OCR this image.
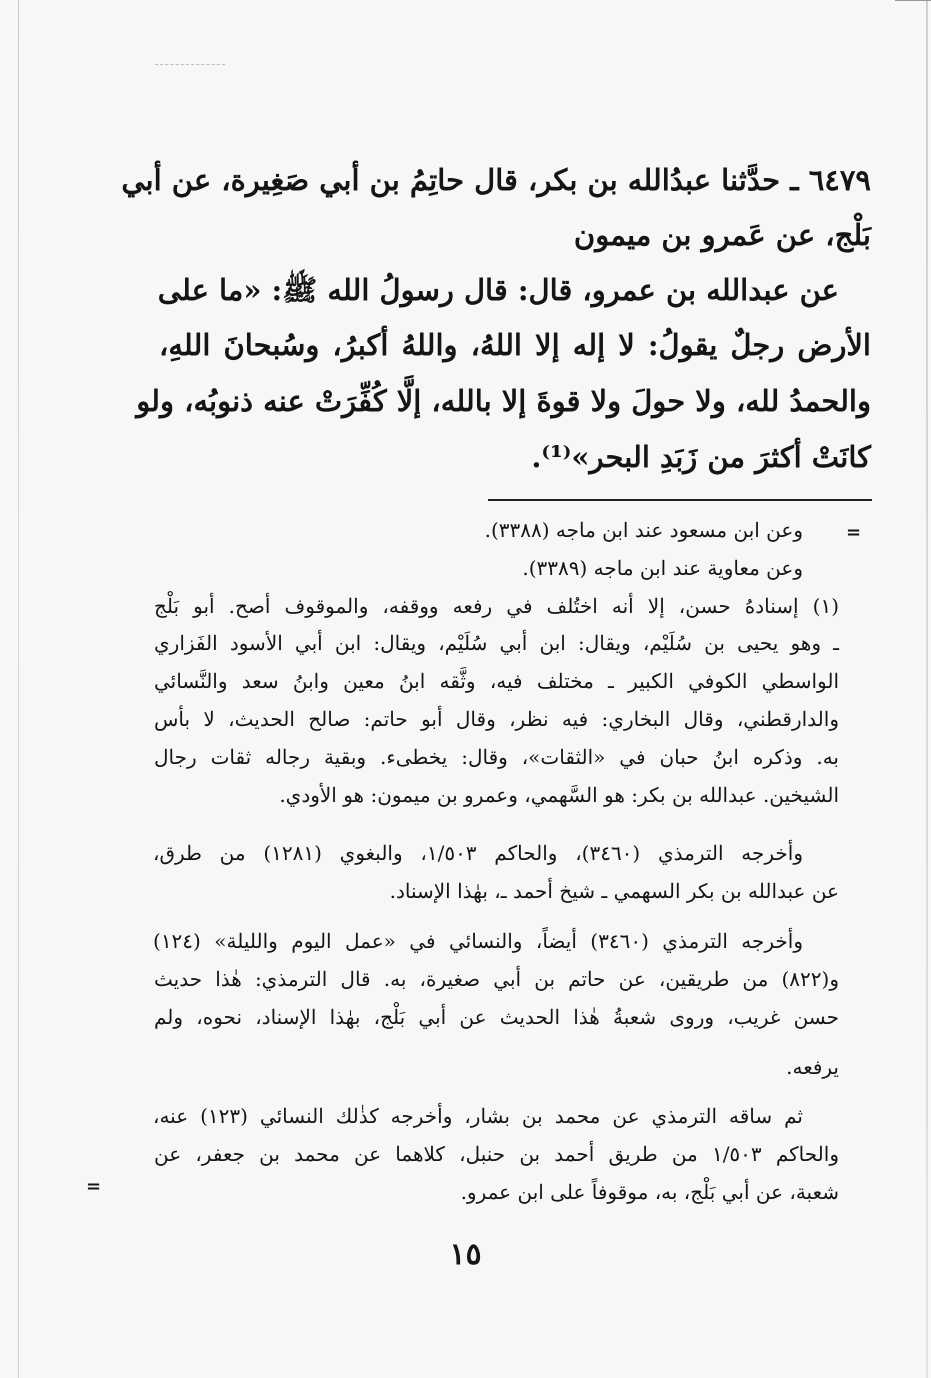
٦٤٧٩ ـ حدَّثنا عبدُالله بن بكر، قال حاتِمُ بن أبي صَغِيرة، عن أبي
بَلْج، عن عَمرو بن ميمون
عن عبدالله بن عمرو، قال: قال رسولُ الله ﷺ: «ما على
الأرض رجلٌ يقولُ: لا إله إلا اللهُ، واللهُ أكبرُ، وسُبحانَ اللهِ،
والحمدُ لله، ولا حولَ ولا قوةَ إلا بالله، إلَّا كُفِّرَتْ عنه ذنوبُه، ولو
كانَتْ أكثرَ من زَبَدِ البحر»⁽¹⁾.
وعن ابن مسعود عند ابن ماجه (٣٣٨٨).
وعن معاوية عند ابن ماجه (٣٣٨٩).
(١) إسنادهُ حسن، إلا أنه اختُلف في رفعه ووقفه، والموقوف أصح. أبو بَلْج
ـ وهو يحيى بن سُلَيْم، ويقال: ابن أبي سُلَيْم، ويقال: ابن أبي الأسود الفَزاري
الواسطي الكوفي الكبير ـ مختلف فيه، وثَّقه ابنُ معين وابنُ سعد والنَّسائي
والدارقطني، وقال البخاري: فيه نظر، وقال أبو حاتم: صالح الحديث، لا بأس
به. وذكره ابنُ حبان في «الثقات»، وقال: يخطىء. وبقية رجاله ثقات رجال
الشيخين. عبدالله بن بكر: هو السَّهمي، وعمرو بن ميمون: هو الأودي.
وأخرجه الترمذي (٣٤٦٠)، والحاكم ١/٥٠٣، والبغوي (١٢٨١) من طرق،
عن عبدالله بن بكر السهمي ـ شيخ أحمد ـ، بهٰذا الإسناد.
وأخرجه الترمذي (٣٤٦٠) أيضاً، والنسائي في «عمل اليوم والليلة» (١٢٤)
و(٨٢٢) من طريقين، عن حاتم بن أبي صغيرة، به. قال الترمذي: هٰذا حديث
حسن غريب، وروى شعبةُ هٰذا الحديث عن أبي بَلْج، بهٰذا الإسناد، نحوه، ولم
يرفعه.
ثم ساقه الترمذي عن محمد بن بشار، وأخرجه كذٰلك النسائي (١٢٣) عنه،
والحاكم ١/٥٠٣ من طريق أحمد بن حنبل، كلاهما عن محمد بن جعفر، عن
شعبة، عن أبي بَلْج، به، موقوفاً على ابن عمرو.
=
=
١٥
